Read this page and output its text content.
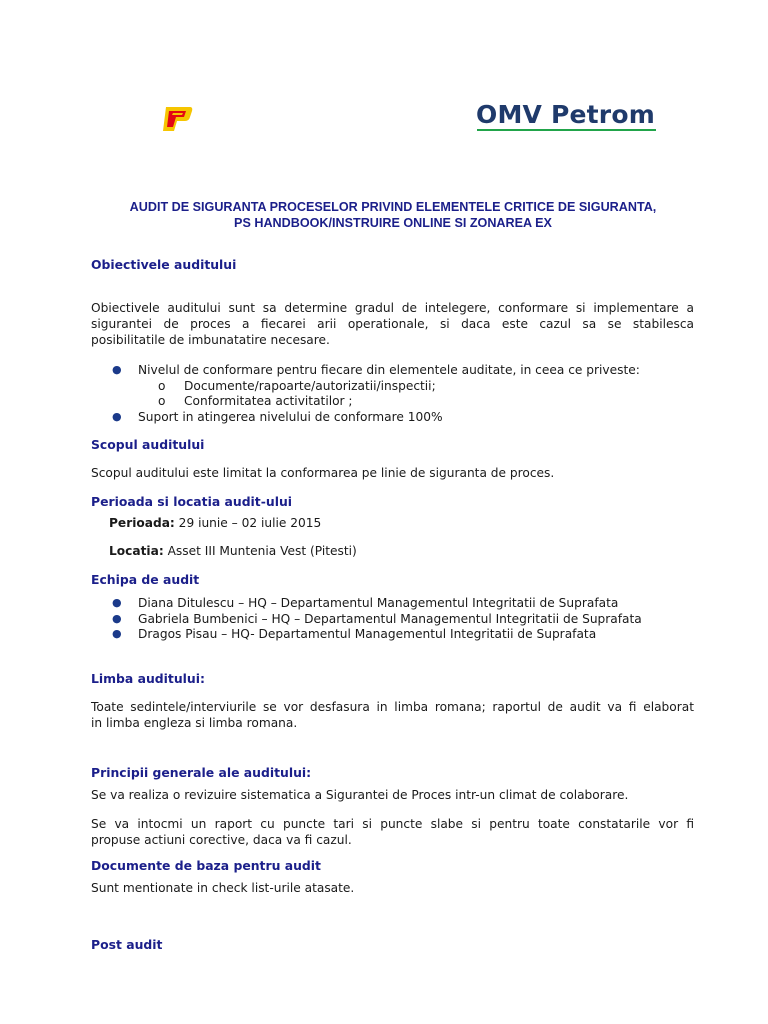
OMV Petrom
AUDIT DE SIGURANTA PROCESELOR PRIVIND ELEMENTELE CRITICE DE SIGURANTA,
PS HANDBOOK/INSTRUIRE ONLINE SI ZONAREA EX
Obiectivele auditului
Obiectivele auditului sunt sa determine gradul de intelegere, conformare si implementare a
sigurantei de proces a fiecarei arii operationale, si daca este cazul sa se stabilesca
posibilitatile de imbunatatire necesare.
● Nivelul de conformare pentru fiecare din elementele auditate, in ceea ce priveste:
o Documente/rapoarte/autorizatii/inspectii;
o Conformitatea activitatilor ;
● Suport in atingerea nivelului de conformare 100%
Scopul auditului
Scopul auditului este limitat la conformarea pe linie de siguranta de proces.
Perioada si locatia audit-ului
Perioada: 29 iunie – 02 iulie 2015
Locatia: Asset III Muntenia Vest (Pitesti)
Echipa de audit
● Diana Ditulescu – HQ – Departamentul Managementul Integritatii de Suprafata
● Gabriela Bumbenici – HQ – Departamentul Managementul Integritatii de Suprafata
● Dragos Pisau – HQ- Departamentul Managementul Integritatii de Suprafata
Limba auditului:
Toate sedintele/interviurile se vor desfasura in limba romana; raportul de audit va fi elaborat
in limba engleza si limba romana.
Principii generale ale auditului:
Se va realiza o revizuire sistematica a Sigurantei de Proces intr-un climat de colaborare.
Se va intocmi un raport cu puncte tari si puncte slabe si pentru toate constatarile vor fi
propuse actiuni corective, daca va fi cazul.
Documente de baza pentru audit
Sunt mentionate in check list-urile atasate.
Post audit
